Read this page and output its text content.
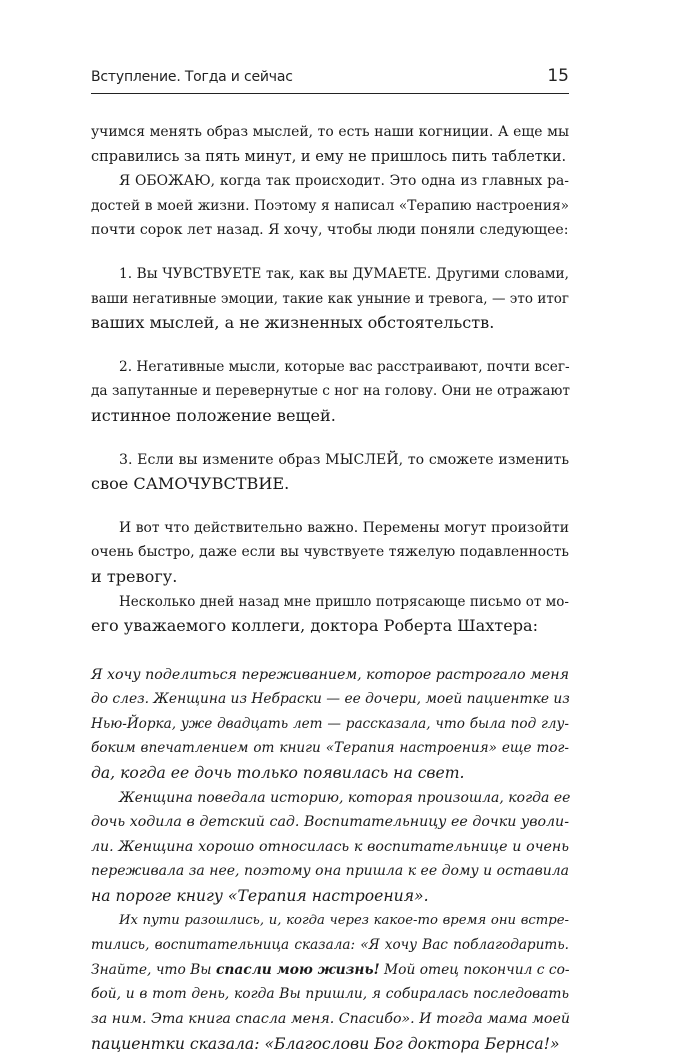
Вступление. Тогда и сейчас	15
учимся менять образ мыслей, то есть наши когниции. А еще мы
справились за пять минут, и ему не пришлось пить таблетки.
Я ОБОЖАЮ, когда так происходит. Это одна из главных ра-
достей в моей жизни. Поэтому я написал «Терапию настроения»
почти сорок лет назад. Я хочу, чтобы люди поняли следующее:
1. Вы ЧУВСТВУЕТЕ так, как вы ДУМАЕТЕ. Другими словами,
ваши негативные эмоции, такие как уныние и тревога, — это итог
ваших мыслей, а не жизненных обстоятельств.
2. Негативные мысли, которые вас расстраивают, почти всег-
да запутанные и перевернутые с ног на голову. Они не отражают
истинное положение вещей.
3. Если вы измените образ МЫСЛЕЙ, то сможете изменить
свое САМОЧУВСТВИЕ.
И вот что действительно важно. Перемены могут произойти
очень быстро, даже если вы чувствуете тяжелую подавленность
и тревогу.
Несколько дней назад мне пришло потрясающе письмо от мо-
его уважаемого коллеги, доктора Роберта Шахтера:
Я хочу поделиться переживанием, которое растрогало меня
до слез. Женщина из Небраски — ее дочери, моей пациентке из
Нью-Йорка, уже двадцать лет — рассказала, что была под глу-
боким впечатлением от книги «Терапия настроения» еще тог-
да, когда ее дочь только появилась на свет.
Женщина поведала историю, которая произошла, когда ее
дочь ходила в детский сад. Воспитательницу ее дочки уволи-
ли. Женщина хорошо относилась к воспитательнице и очень
переживала за нее, поэтому она пришла к ее дому и оставила
на пороге книгу «Терапия настроения».
Их пути разошлись, и, когда через какое-то время они встре-
тились, воспитательница сказала: «Я хочу Вас поблагодарить.
Знайте, что Вы спасли мою жизнь! Мой отец покончил с со-
бой, и в тот день, когда Вы пришли, я собиралась последовать
за ним. Эта книга спасла меня. Спасибо». И тогда мама моей
пациентки сказала: «Благослови Бог доктора Бернса!»
